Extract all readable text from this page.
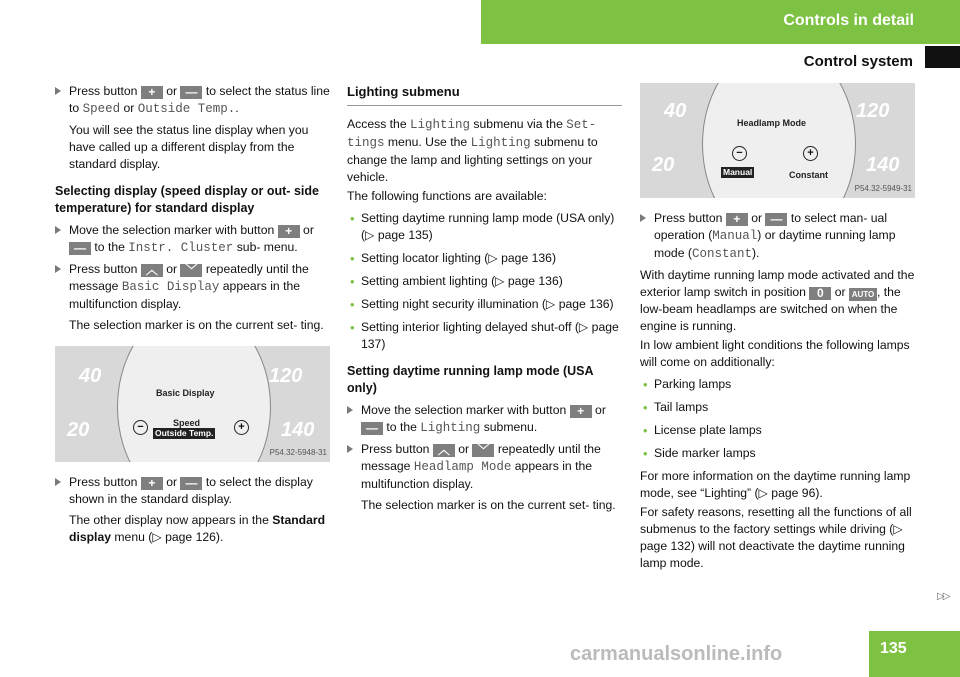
Controls in detail
Control system
Press button + or — to select the status line to Speed or Outside Temp..
You will see the status line display when you have called up a different display from the standard display.
Selecting display (speed display or out- side temperature) for standard display
Move the selection marker with button + or — to the Instr. Cluster sub- menu.
Press button ︿ or ﹀ repeatedly until the message Basic Display appears in the multifunction display.
The selection marker is on the current set- ting.
40	120
20	140
Basic Display
Speed
Outside Temp.
−	+
P54.32-5948-31
Press button + or — to select the display shown in the standard display.
The other display now appears in the Standard display menu (▷ page 126).
Lighting submenu

Access the Lighting submenu via the Set- tings menu. Use the Lighting submenu to change the lamp and lighting settings on your vehicle.

The following functions are available:

• Setting daytime running lamp mode (USA only) (▷ page 135)
• Setting locator lighting (▷ page 136)
• Setting ambient lighting (▷ page 136)
• Setting night security illumination (▷ page 136)
• Setting interior lighting delayed shut-off (▷ page 137)
Setting daytime running lamp mode (USA only)
Move the selection marker with button + or — to the Lighting submenu.
Press button ︿ or ﹀ repeatedly until the message Headlamp Mode appears in the multifunction display.
The selection marker is on the current set- ting.
40	120
20	140
Headlamp Mode
−	+
Manual	Constant
P54.32-5949-31
Press button + or — to select man- ual operation (Manual) or daytime running lamp mode (Constant).

With daytime running lamp mode activated and the exterior lamp switch in position 0 or AUTO , the low-beam headlamps are switched on when the engine is running.

In low ambient light conditions the following lamps will come on additionally:

• Parking lamps
• Tail lamps
• License plate lamps
• Side marker lamps

For more information on the daytime running lamp mode, see “Lighting” (▷ page 96).

For safety reasons, resetting all the functions of all submenus to the factory settings while driving (▷ page 132) will not deactivate the daytime running lamp mode.

▷▷
carmanualsonline.info	135
